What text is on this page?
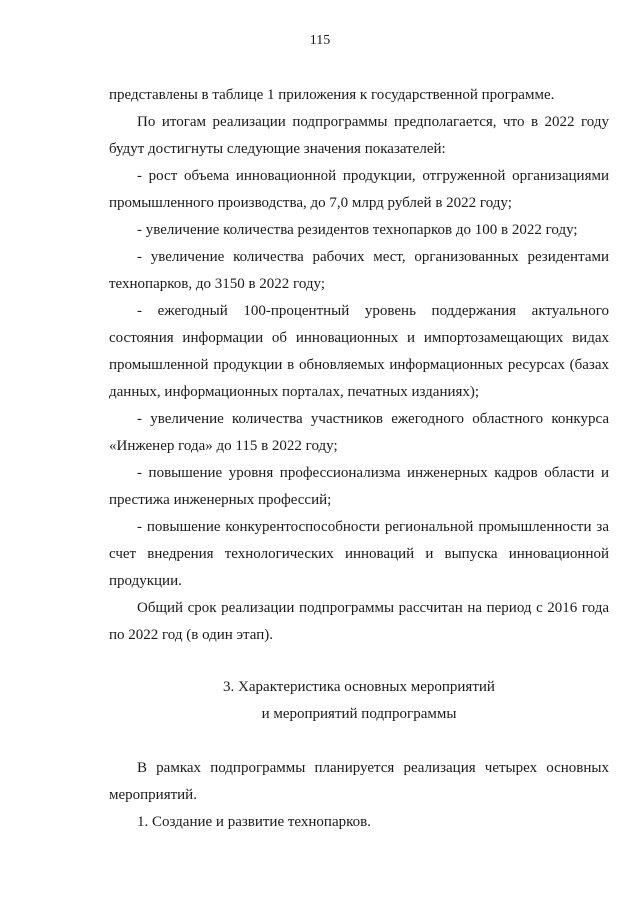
115

представлены в таблице 1 приложения к государственной программе.

По итогам реализации подпрограммы предполагается, что в 2022 году будут достигнуты следующие значения показателей:

- рост объема инновационной продукции, отгруженной организациями промышленного производства, до 7,0 млрд рублей в 2022 году;

- увеличение количества резидентов технопарков до 100 в 2022 году;

- увеличение количества рабочих мест, организованных резидентами технопарков, до 3150 в 2022 году;

- ежегодный 100-процентный уровень поддержания актуального состояния информации об инновационных и импортозамещающих видах промышленной продукции в обновляемых информационных ресурсах (базах данных, информационных порталах, печатных изданиях);

- увеличение количества участников ежегодного областного конкурса «Инженер года» до 115 в 2022 году;

- повышение уровня профессионализма инженерных кадров области и престижа инженерных профессий;

- повышение конкурентоспособности региональной промышленности за счет внедрения технологических инноваций и выпуска инновационной продукции.

Общий срок реализации подпрограммы рассчитан на период с 2016 года по 2022 год (в один этап).

3. Характеристика основных мероприятий
и мероприятий подпрограммы

В рамках подпрограммы планируется реализация четырех основных мероприятий.

1. Создание и развитие технопарков.
